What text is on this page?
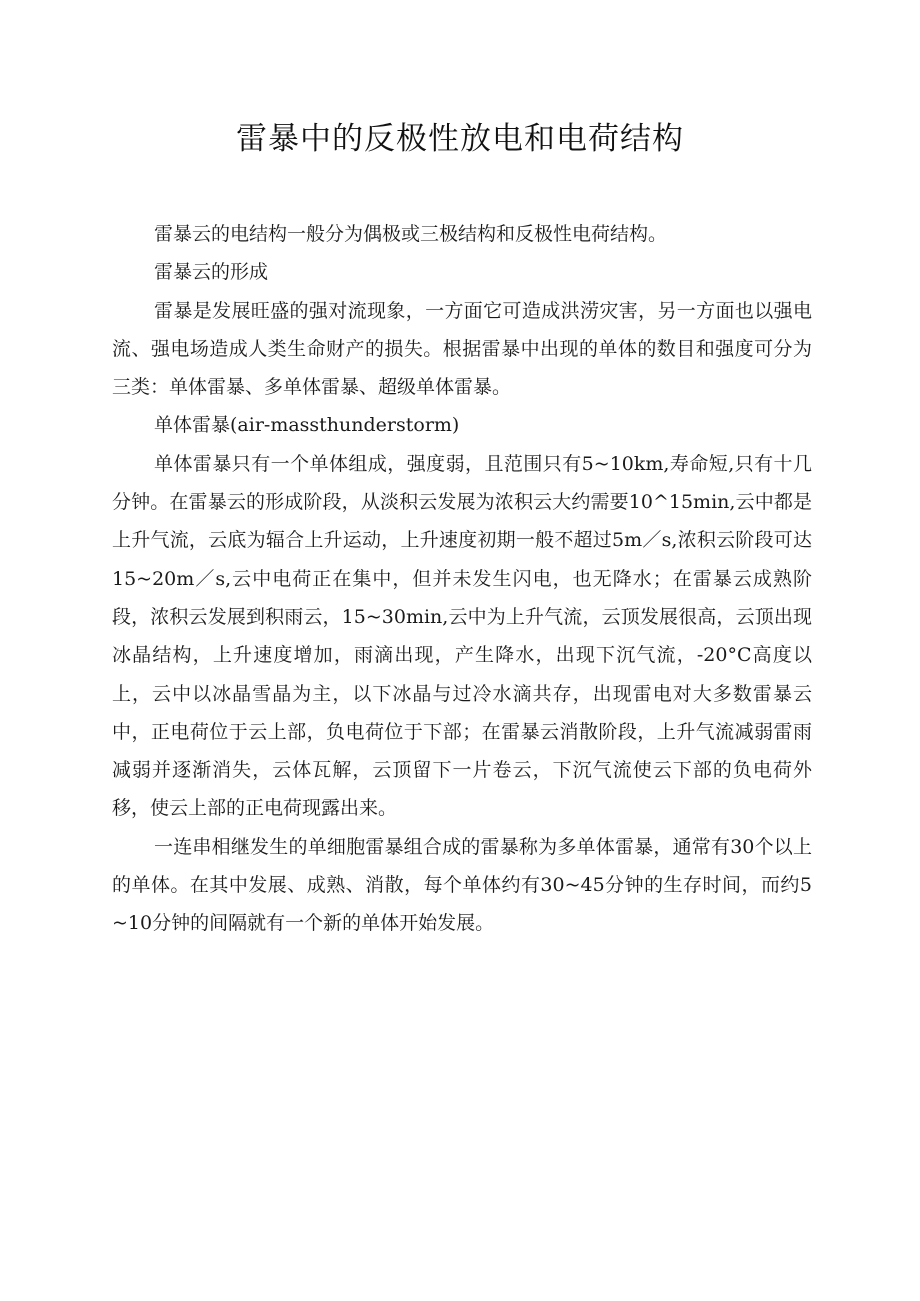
雷暴中的反极性放电和电荷结构

雷暴云的电结构一般分为偶极或三极结构和反极性电荷结构。

雷暴云的形成

雷暴是发展旺盛的强对流现象，一方面它可造成洪涝灾害，另一方面也以强电流、强电场造成人类生命财产的损失。根据雷暴中出现的单体的数目和强度可分为三类：单体雷暴、多单体雷暴、超级单体雷暴。

单体雷暴(air-massthunderstorm)

单体雷暴只有一个单体组成，强度弱，且范围只有5~10km,寿命短,只有十几分钟。在雷暴云的形成阶段，从淡积云发展为浓积云大约需要10^15min,云中都是上升气流，云底为辐合上升运动，上升速度初期一般不超过5m／s,浓积云阶段可达15~20m／s,云中电荷正在集中，但并未发生闪电，也无降水；在雷暴云成熟阶段，浓积云发展到积雨云，15~30min,云中为上升气流，云顶发展很高，云顶出现冰晶结构，上升速度增加，雨滴出现，产生降水，出现下沉气流，-20°C高度以上，云中以冰晶雪晶为主，以下冰晶与过冷水滴共存，出现雷电对大多数雷暴云中，正电荷位于云上部，负电荷位于下部；在雷暴云消散阶段，上升气流减弱雷雨减弱并逐渐消失，云体瓦解，云顶留下一片卷云，下沉气流使云下部的负电荷外移，使云上部的正电荷现露出来。

一连串相继发生的单细胞雷暴组合成的雷暴称为多单体雷暴，通常有30个以上的单体。在其中发展、成熟、消散，每个单体约有30~45分钟的生存时间，而约5~10分钟的间隔就有一个新的单体开始发展。
